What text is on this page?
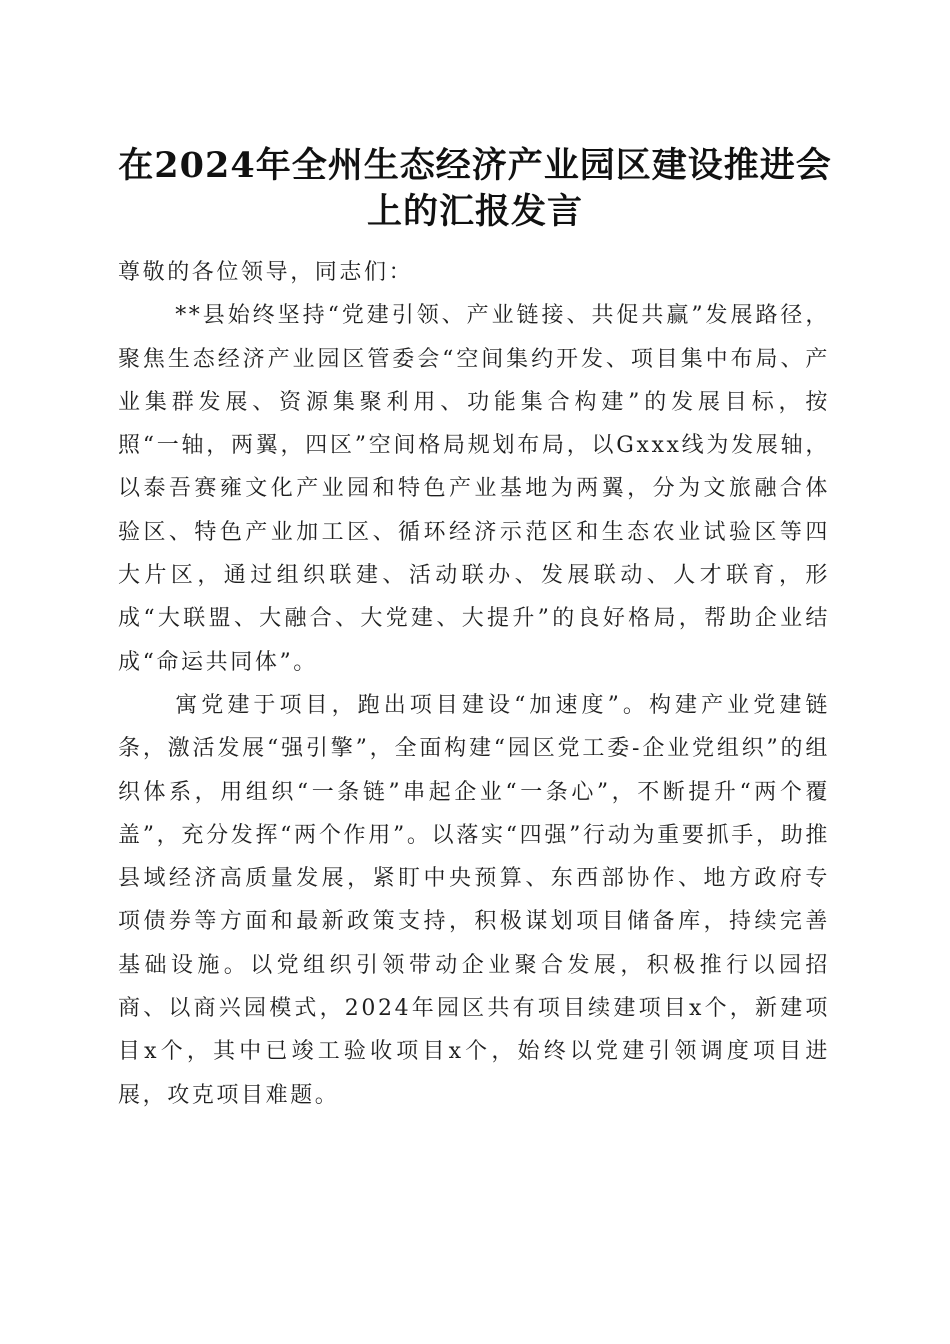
在2024年全州生态经济产业园区建设推进会
上的汇报发言

尊敬的各位领导，同志们：

**县始终坚持“党建引领、产业链接、共促共赢”发展路径，聚焦生态经济产业园区管委会“空间集约开发、项目集中布局、产业集群发展、资源集聚利用、功能集合构建”的发展目标，按照“一轴，两翼，四区”空间格局规划布局，以Gxxx线为发展轴，以泰吾赛雍文化产业园和特色产业基地为两翼，分为文旅融合体验区、特色产业加工区、循环经济示范区和生态农业试验区等四大片区，通过组织联建、活动联办、发展联动、人才联育，形成“大联盟、大融合、大党建、大提升”的良好格局，帮助企业结成“命运共同体”。

寓党建于项目，跑出项目建设“加速度”。构建产业党建链条，激活发展“强引擎”，全面构建“园区党工委-企业党组织”的组织体系，用组织“一条链”串起企业“一条心”，不断提升“两个覆盖”，充分发挥“两个作用”。以落实“四强”行动为重要抓手，助推县域经济高质量发展，紧盯中央预算、东西部协作、地方政府专项债券等方面和最新政策支持，积极谋划项目储备库，持续完善基础设施。以党组织引领带动企业聚合发展，积极推行以园招商、以商兴园模式，2024年园区共有项目续建项目x个，新建项目x个，其中已竣工验收项目x个，始终以党建引领调度项目进展，攻克项目难题。
